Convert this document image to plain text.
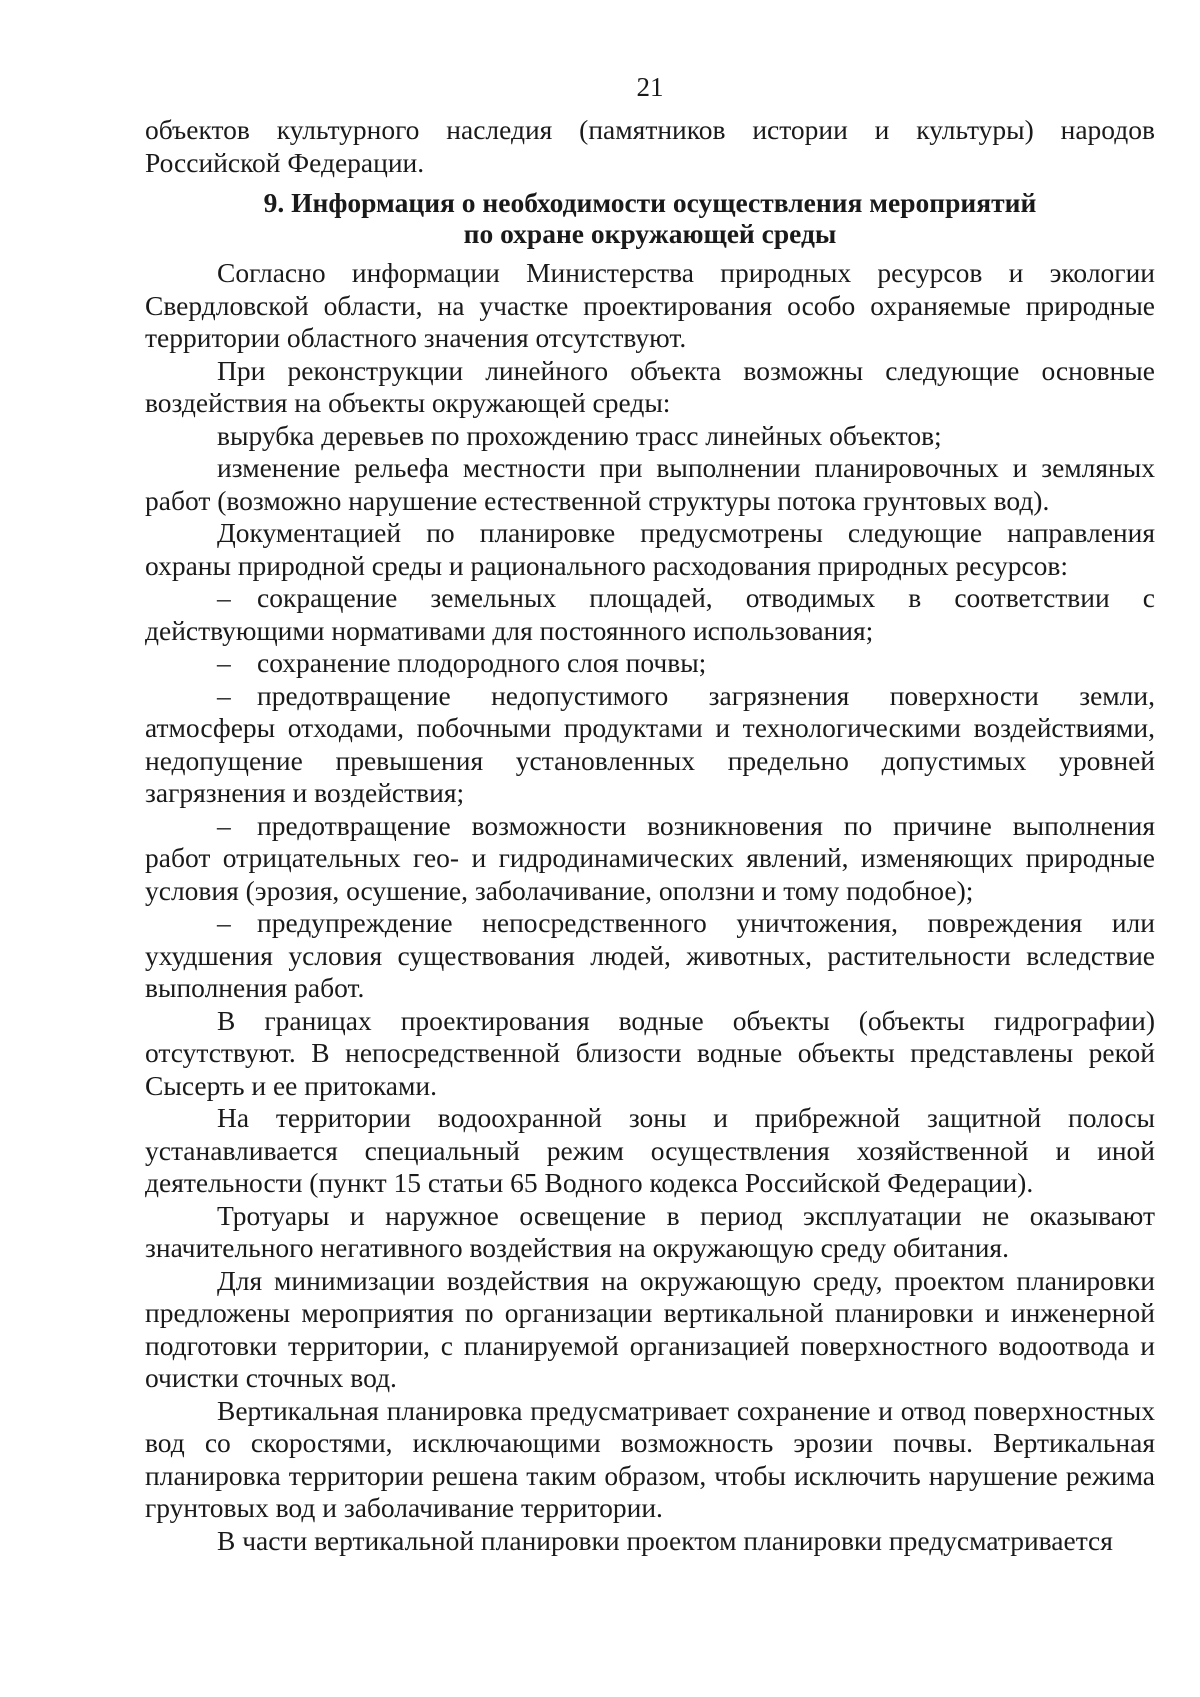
21

объектов культурного наследия (памятников истории и культуры) народов Российской Федерации.

9. Информация о необходимости осуществления мероприятий
по охране окружающей среды

Согласно информации Министерства природных ресурсов и экологии Свердловской области, на участке проектирования особо охраняемые природные территории областного значения отсутствуют.

При реконструкции линейного объекта возможны следующие основные воздействия на объекты окружающей среды:

вырубка деревьев по прохождению трасс линейных объектов;

изменение рельефа местности при выполнении планировочных и земляных работ (возможно нарушение естественной структуры потока грунтовых вод).

Документацией по планировке предусмотрены следующие направления охраны природной среды и рационального расходования природных ресурсов:

– сокращение земельных площадей, отводимых в соответствии с действующими нормативами для постоянного использования;

– сохранение плодородного слоя почвы;

– предотвращение недопустимого загрязнения поверхности земли, атмосферы отходами, побочными продуктами и технологическими воздействиями, недопущение превышения установленных предельно допустимых уровней загрязнения и воздействия;

– предотвращение возможности возникновения по причине выполнения работ отрицательных гео- и гидродинамических явлений, изменяющих природные условия (эрозия, осушение, заболачивание, оползни и тому подобное);

– предупреждение непосредственного уничтожения, повреждения или ухудшения условия существования людей, животных, растительности вследствие выполнения работ.

В границах проектирования водные объекты (объекты гидрографии) отсутствуют. В непосредственной близости водные объекты представлены рекой Сысерть и ее притоками.

На территории водоохранной зоны и прибрежной защитной полосы устанавливается специальный режим осуществления хозяйственной и иной деятельности (пункт 15 статьи 65 Водного кодекса Российской Федерации).

Тротуары и наружное освещение в период эксплуатации не оказывают значительного негативного воздействия на окружающую среду обитания.

Для минимизации воздействия на окружающую среду, проектом планировки предложены мероприятия по организации вертикальной планировки и инженерной подготовки территории, с планируемой организацией поверхностного водоотвода и очистки сточных вод.

Вертикальная планировка предусматривает сохранение и отвод поверхностных вод со скоростями, исключающими возможность эрозии почвы. Вертикальная планировка территории решена таким образом, чтобы исключить нарушение режима грунтовых вод и заболачивание территории.

В части вертикальной планировки проектом планировки предусматривается
